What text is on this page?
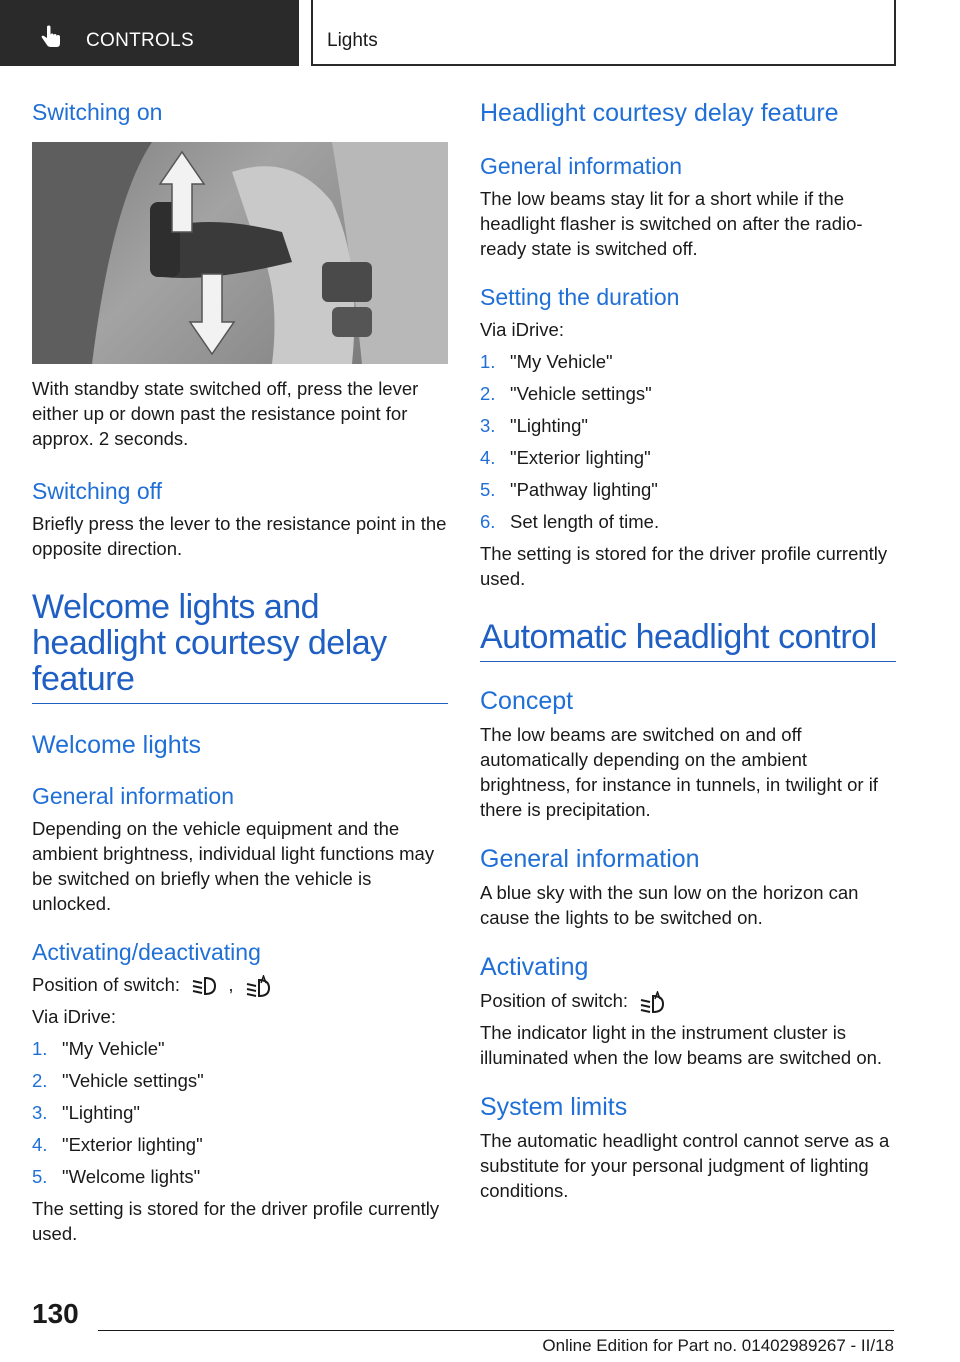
CONTROLS	Lights
Switching on

With standby state switched off, press the lever either up or down past the resistance point for approx. 2 seconds.

Switching off

Briefly press the lever to the resistance point in the opposite direction.

Welcome lights and headlight courtesy delay feature
Welcome lights
General information

Depending on the vehicle equipment and the ambient brightness, individual light functions may be switched on briefly when the vehicle is unlocked.

Activating/deactivating

Position of switch:	,

Via iDrive:

1. "My Vehicle"
2. "Vehicle settings"
3. "Lighting"
4. "Exterior lighting"
5. "Welcome lights"

The setting is stored for the driver profile currently used.

Headlight courtesy delay feature
General information

The low beams stay lit for a short while if the headlight flasher is switched on after the radio-ready state is switched off.

Setting the duration

Via iDrive:

1. "My Vehicle"
2. "Vehicle settings"
3. "Lighting"
4. "Exterior lighting"
5. "Pathway lighting"
6. Set length of time.

The setting is stored for the driver profile currently used.

Automatic headlight control
Concept

The low beams are switched on and off automatically depending on the ambient brightness, for instance in tunnels, in twilight or if there is precipitation.

General information

A blue sky with the sun low on the horizon can cause the lights to be switched on.

Activating

Position of switch:

The indicator light in the instrument cluster is illuminated when the low beams are switched on.

System limits

The automatic headlight control cannot serve as a substitute for your personal judgment of lighting conditions.

130
Online Edition for Part no. 01402989267 - II/18
